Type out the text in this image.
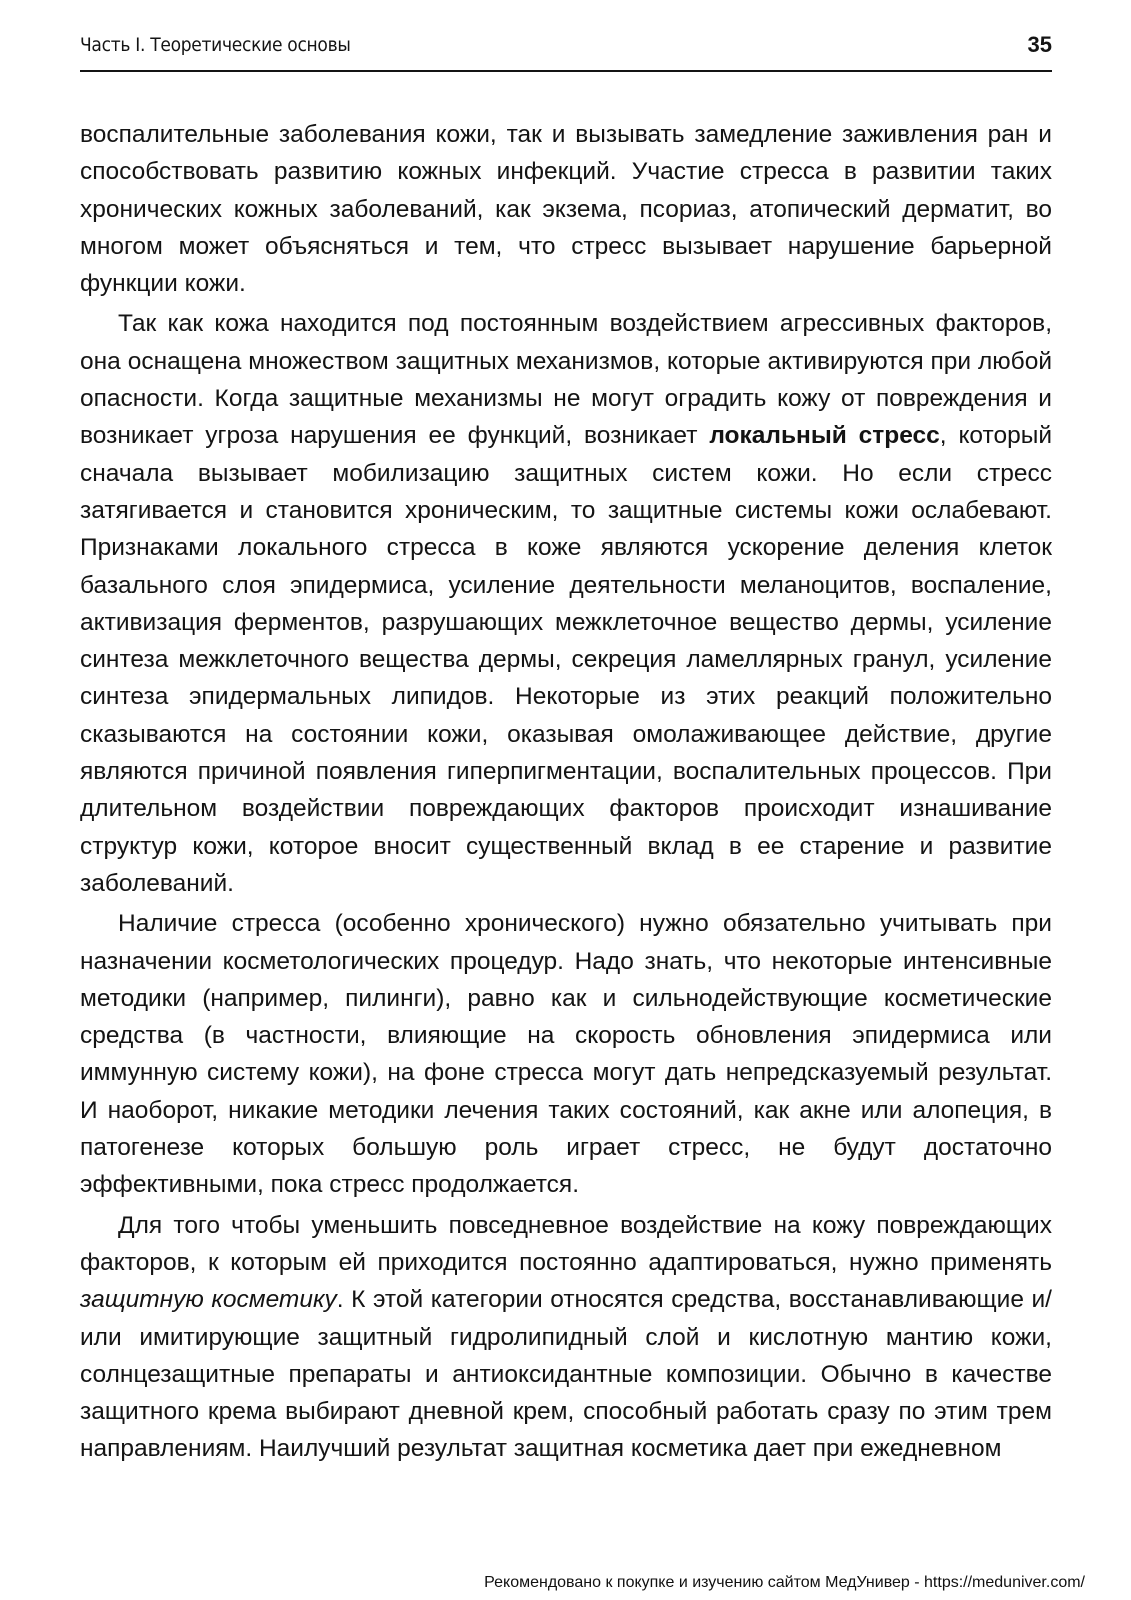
Часть I. Теоретические основы	35

воспалительные заболевания кожи, так и вызывать замедление заживления ран и способствовать развитию кожных инфекций. Участие стресса в развитии таких хронических кожных заболеваний, как экзема, псориаз, атопический дерматит, во многом может объясняться и тем, что стресс вызывает нарушение барьерной функции кожи.

Так как кожа находится под постоянным воздействием агрессивных факторов, она оснащена множеством защитных механизмов, которые активируются при любой опасности. Когда защитные механизмы не могут оградить кожу от повреждения и возникает угроза нарушения ее функций, возникает локальный стресс, который сначала вызывает мобилизацию защитных систем кожи. Но если стресс затягивается и становится хроническим, то защитные системы кожи ослабевают. Признаками локального стресса в коже являются ускорение деления клеток базального слоя эпидермиса, усиление деятельности меланоцитов, воспаление, активизация ферментов, разрушающих межклеточное вещество дермы, усиление синтеза межклеточного вещества дермы, секреция ламеллярных гранул, усиление синтеза эпидермальных липидов. Некоторые из этих реакций положительно сказываются на состоянии кожи, оказывая омолаживающее действие, другие являются причиной появления гиперпигментации, воспалительных процессов. При длительном воздействии повреждающих факторов происходит изнашивание структур кожи, которое вносит существенный вклад в ее старение и развитие заболеваний.

Наличие стресса (особенно хронического) нужно обязательно учитывать при назначении косметологических процедур. Надо знать, что некоторые интенсивные методики (например, пилинги), равно как и сильнодействующие косметические средства (в частности, влияющие на скорость обновления эпидермиса или иммунную систему кожи), на фоне стресса могут дать непредсказуемый результат. И наоборот, никакие методики лечения таких состояний, как акне или алопеция, в патогенезе которых большую роль играет стресс, не будут достаточно эффективными, пока стресс продолжается.

Для того чтобы уменьшить повседневное воздействие на кожу повреждающих факторов, к которым ей приходится постоянно адаптироваться, нужно применять защитную косметику. К этой категории относятся средства, восстанавливающие и/или имитирующие защитный гидролипидный слой и кислотную мантию кожи, солнцезащитные препараты и антиоксидантные композиции. Обычно в качестве защитного крема выбирают дневной крем, способный работать сразу по этим трем направлениям. Наилучший результат защитная косметика дает при ежедневном

Рекомендовано к покупке и изучению сайтом МедУнивер - https://meduniver.com/
